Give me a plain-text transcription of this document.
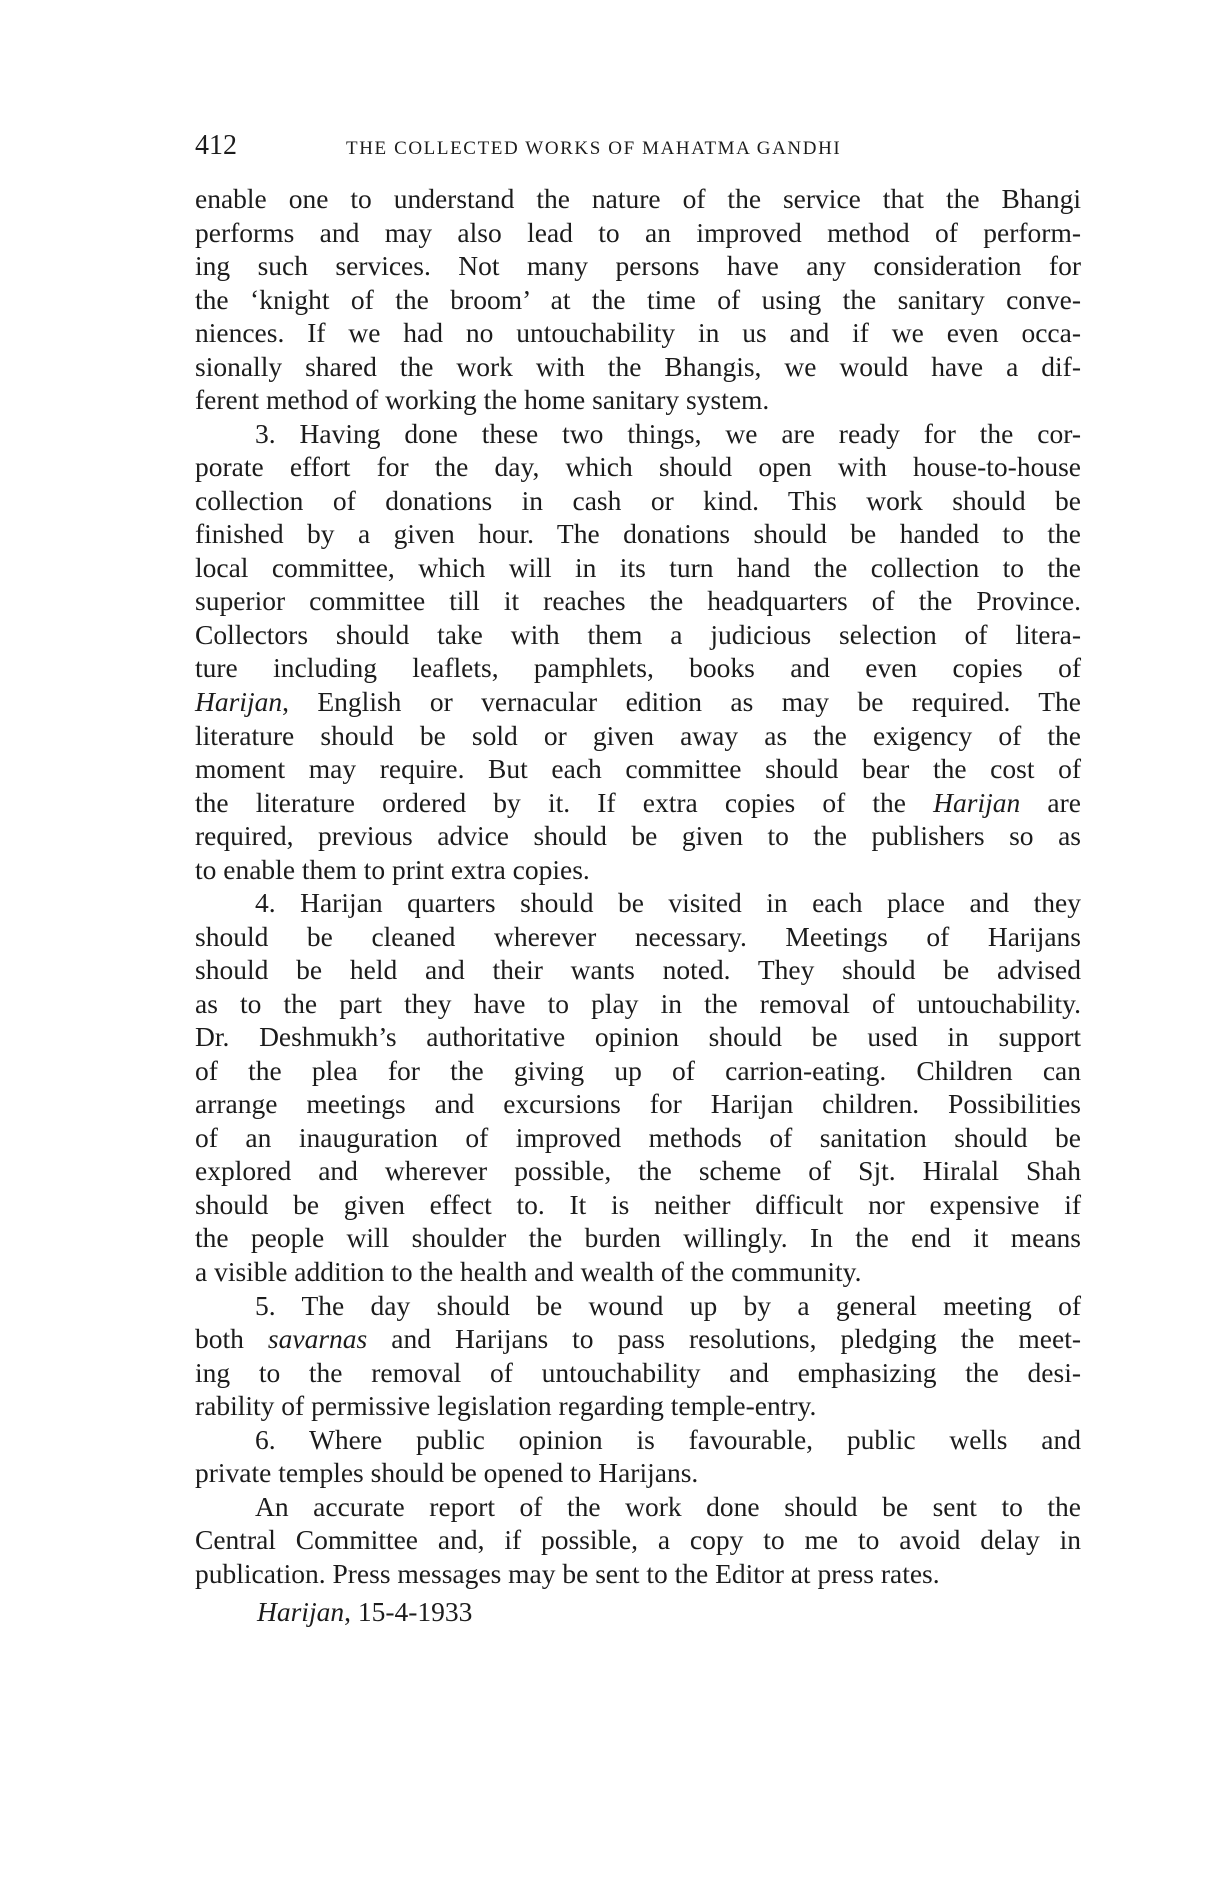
CWMG - I - IV
412	THE COLLECTED WORKS OF MAHATMA GANDHI
enable one to understand the nature of the service that the Bhangi
performs and may also lead to an improved method of perform-
ing such services. Not many persons have any consideration for
the ‘knight of the broom’ at the time of using the sanitary conve-
niences. If we had no untouchability in us and if we even occa-
sionally shared the work with the Bhangis, we would have a dif-
ferent method of working the home sanitary system.
3. Having done these two things, we are ready for the cor-
porate effort for the day, which should open with house-to-house
collection of donations in cash or kind. This work should be
finished by a given hour. The donations should be handed to the
local committee, which will in its turn hand the collection to the
superior committee till it reaches the headquarters of the Province.
Collectors should take with them a judicious selection of litera-
ture including leaflets, pamphlets, books and even copies of
Harijan, English or vernacular edition as may be required. The
literature should be sold or given away as the exigency of the
moment may require. But each committee should bear the cost of
the literature ordered by it. If extra copies of the Harijan are
required, previous advice should be given to the publishers so as
to enable them to print extra copies.
4. Harijan quarters should be visited in each place and they
should be cleaned wherever necessary. Meetings of Harijans
should be held and their wants noted. They should be advised
as to the part they have to play in the removal of untouchability.
Dr. Deshmukh’s authoritative opinion should be used in support
of the plea for the giving up of carrion-eating. Children can
arrange meetings and excursions for Harijan children. Possibilities
of an inauguration of improved methods of sanitation should be
explored and wherever possible, the scheme of Sjt. Hiralal Shah
should be given effect to. It is neither difficult nor expensive if
the people will shoulder the burden willingly. In the end it means
a visible addition to the health and wealth of the community.
5. The day should be wound up by a general meeting of
both savarnas and Harijans to pass resolutions, pledging the meet-
ing to the removal of untouchability and emphasizing the desi-
rability of permissive legislation regarding temple-entry.
6. Where public opinion is favourable, public wells and
private temples should be opened to Harijans.
An accurate report of the work done should be sent to the
Central Committee and, if possible, a copy to me to avoid delay in
publication. Press messages may be sent to the Editor at press rates.
Harijan, 15-4-1933
